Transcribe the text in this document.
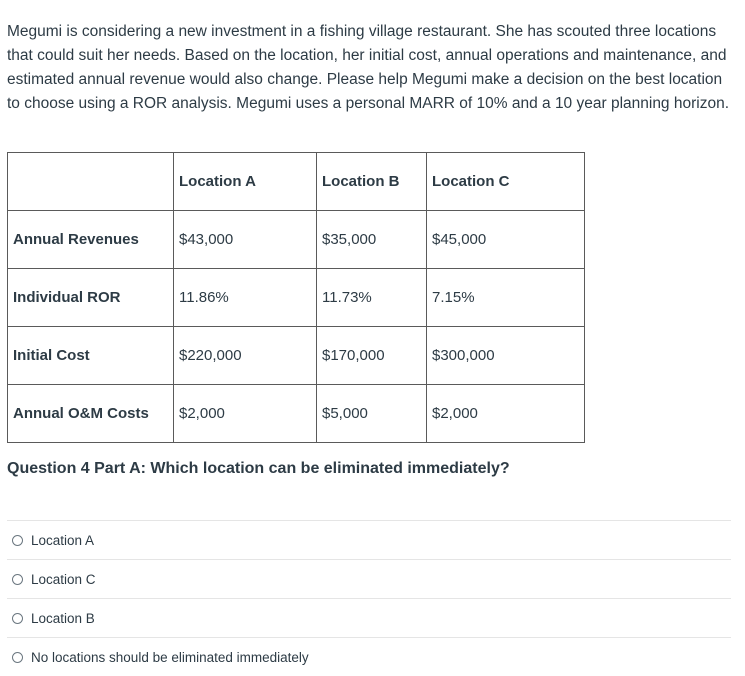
Megumi is considering a new investment in a fishing village restaurant. She has scouted three locations that could suit her needs. Based on the location, her initial cost, annual operations and maintenance, and estimated annual revenue would also change. Please help Megumi make a decision on the best location to choose using a ROR analysis. Megumi uses a personal MARR of 10% and a 10 year planning horizon.

	Location A	Location B	Location C
Annual Revenues	$43,000	$35,000	$45,000
Individual ROR	11.86%	11.73%	7.15%
Initial Cost	$220,000	$170,000	$300,000
Annual O&M Costs	$2,000	$5,000	$2,000

Question 4 Part A: Which location can be eliminated immediately?

Location A
Location C
Location B
No locations should be eliminated immediately
